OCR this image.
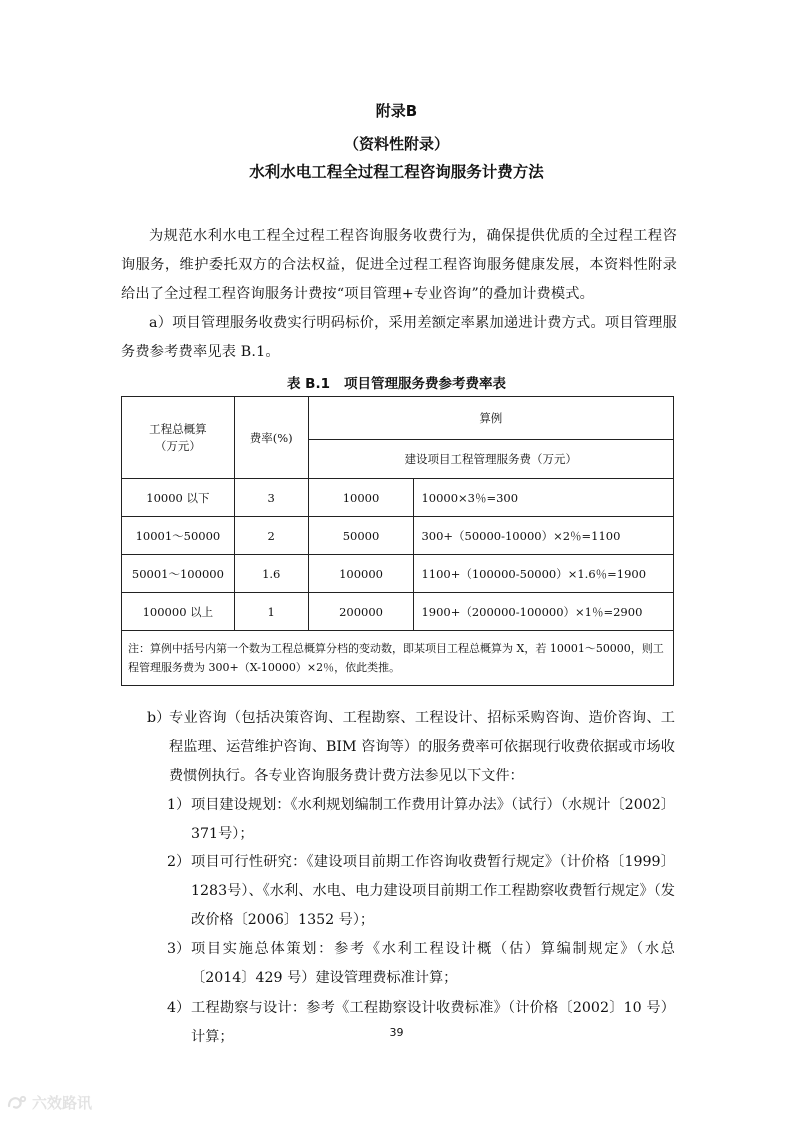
附录B
（资料性附录）
水利水电工程全过程工程咨询服务计费方法
为规范水利水电工程全过程工程咨询服务收费行为，确保提供优质的全过程工程咨询服务，维护委托双方的合法权益，促进全过程工程咨询服务健康发展，本资料性附录给出了全过程工程咨询服务计费按“项目管理+专业咨询”的叠加计费模式。
a）项目管理服务收费实行明码标价，采用差额定率累加递进计费方式。项目管理服务费参考费率见表 B.1。
表 B.1 项目管理服务费参考费率表
工程总概算
（万元）	费率(%)	算例	
		建设项目工程管理服务费（万元）	
10000 以下	3	10000	10000×3％=300
10001～50000	2	50000	300+（50000-10000）×2％=1100
50001～100000	1.6	100000	1100+（100000-50000）×1.6％=1900
100000 以上	1	200000	1900+（200000-100000）×1％=2900

注：算例中括号内第一个数为工程总概算分档的变动数，即某项目工程总概算为 X，若 10001～50000，则工程管理服务费为 300+（X-10000）×2％，依此类推。			
b）
专业咨询（包括决策咨询、工程勘察、工程设计、招标采购咨询、造价咨询、工程监理、运营维护咨询、BIM 咨询等）的服务费率可依据现行收费依据或市场收费惯例执行。各专业咨询服务费计费方法参见以下文件：
1） 项目建设规划：《水利规划编制工作费用计算办法》（试行）（水规计〔2002〕371号）；
2） 项目可行性研究：《建设项目前期工作咨询收费暂行规定》（计价格〔1999〕1283号）、《水利、水电、电力建设项目前期工作工程勘察收费暂行规定》（发改价格〔2006〕1352 号）；
3） 项目实施总体策划：参考《水利工程设计概（估）算编制规定》（水总〔2014〕429 号）建设管理费标准计算；
4） 工程勘察与设计：参考《工程勘察设计收费标准》（计价格〔2002〕10 号）计算；	39
六效路讯
